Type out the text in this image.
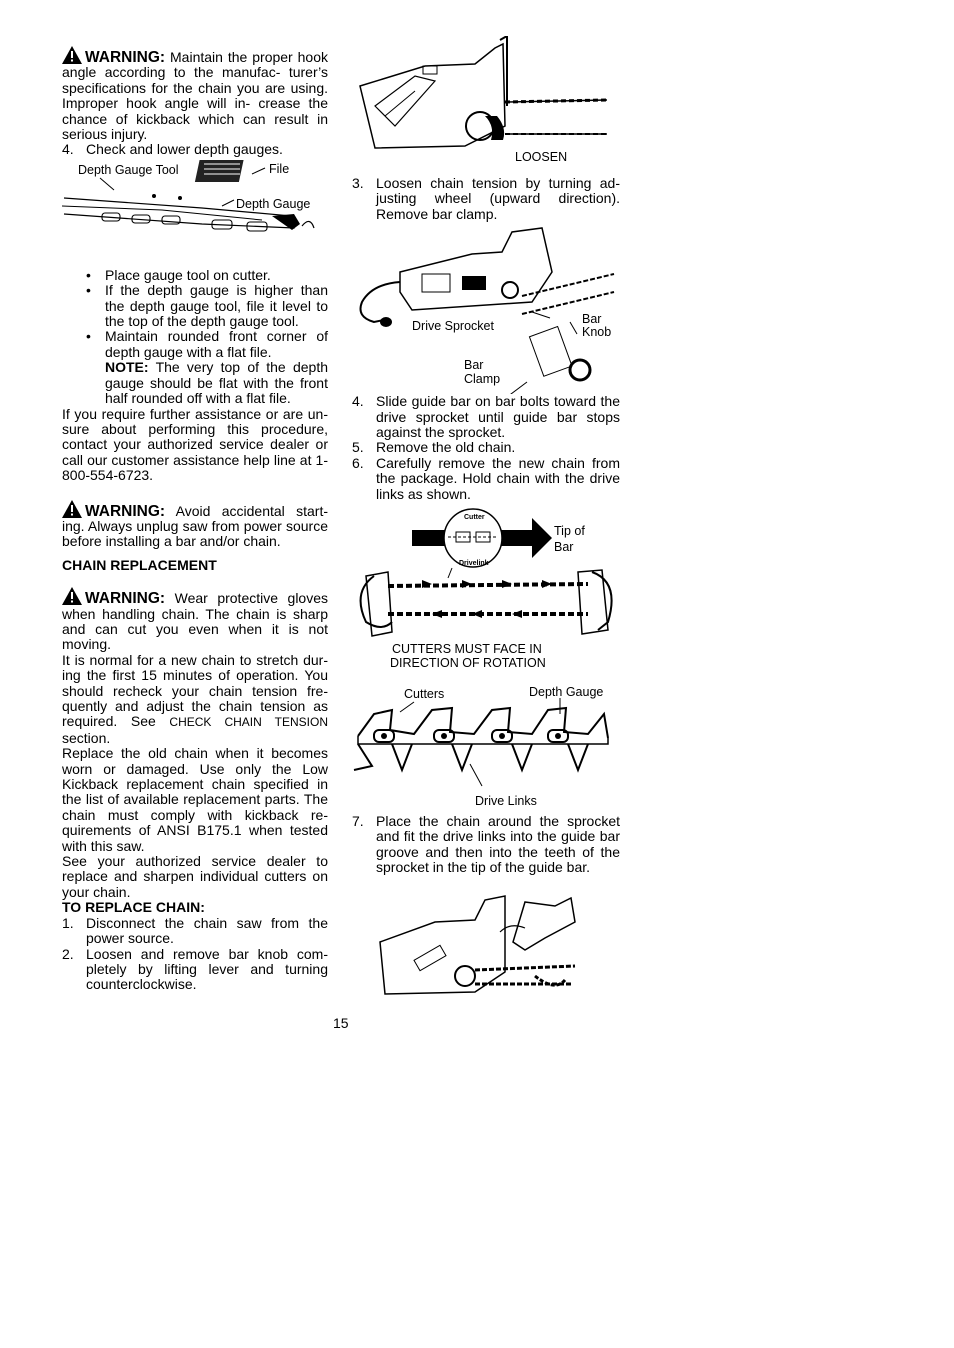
WARNING: Maintain the proper hook angle according to the manufac- turer’s specifications for the chain you are using. Improper hook angle will in- crease the chance of kickback which can result in serious injury.

4. Check and lower depth gauges.
Depth Gauge Tool	File
Depth Gauge
•	Place gauge tool on cutter.
•	If the depth gauge is higher than the depth gauge tool, file it level to the top of the depth gauge tool.
•	Maintain rounded front corner of depth gauge with a flat file.
NOTE: The very top of the depth gauge should be flat with the front half rounded off with a flat file.

If you require further assistance or are un- sure about performing this procedure, contact your authorized service dealer or call our customer assistance help line at 1-800-554-6723.

WARNING: Avoid accidental start- ing. Always unplug saw from power source before installing a bar and/or chain.

CHAIN REPLACEMENT

WARNING: Wear protective gloves when handling chain. The chain is sharp and can cut you even when it is not moving.

It is normal for a new chain to stretch dur- ing the first 15 minutes of operation. You should recheck your chain tension fre- quently and adjust the chain tension as required. See CHECK CHAIN TENSION section.

Replace the old chain when it becomes worn or damaged. Use only the Low Kickback replacement chain specified in the list of available replacement parts. The chain must comply with kickback re- quirements of ANSI B175.1 when tested with this saw.

See your authorized service dealer to replace and sharpen individual cutters on your chain.

TO REPLACE CHAIN:

1. Disconnect the chain saw from the power source.
2. Loosen and remove bar knob com- pletely by lifting lever and turning counterclockwise.
LOOSEN
3. Loosen chain tension by turning ad- justing wheel (upward direction). Remove bar clamp.
Drive Sprocket	Bar
Knob
Bar
Clamp
4. Slide guide bar on bar bolts toward the drive sprocket until guide bar stops against the sprocket.
5. Remove the old chain.
6. Carefully remove the new chain from the package. Hold chain with the drive links as shown.
Cutter
Drivelink
Tip of
Bar
CUTTERS MUST FACE IN
DIRECTION OF ROTATION
Cutters	Depth Gauge
Drive Links
7. Place the chain around the sprocket and fit the drive links into the guide bar groove and then into the teeth of the sprocket in the tip of the guide bar.
15
